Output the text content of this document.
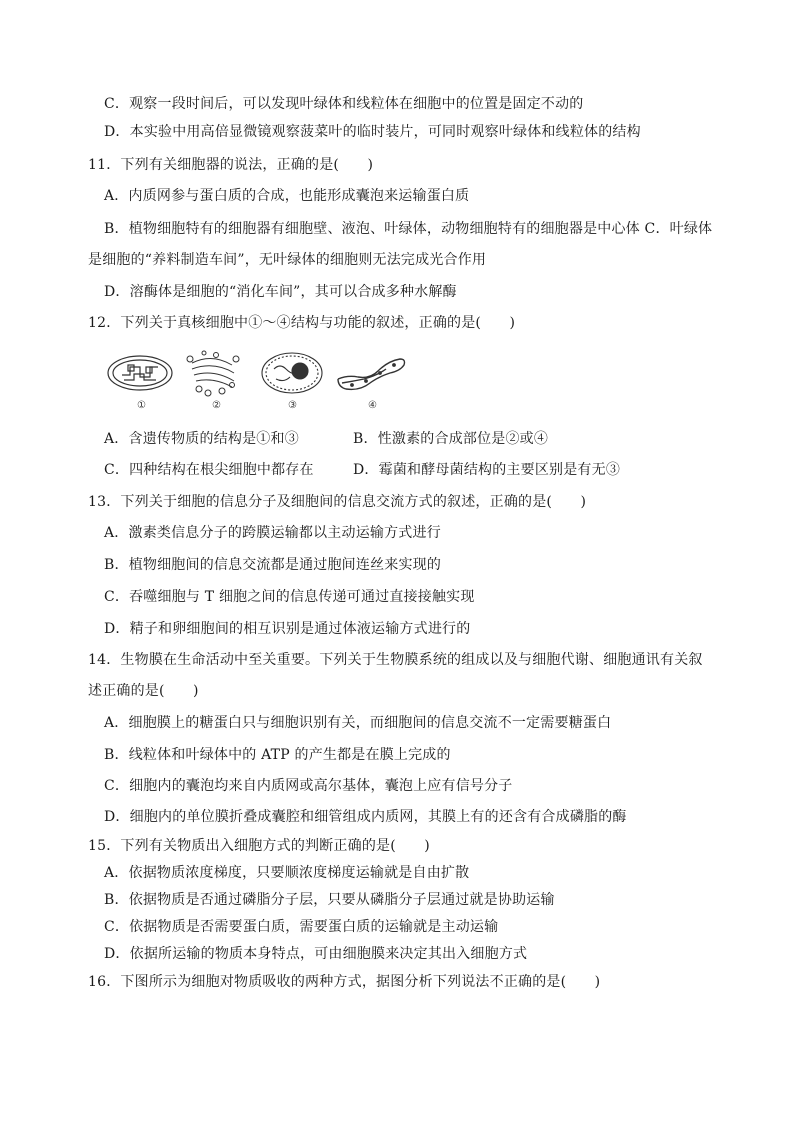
C．观察一段时间后，可以发现叶绿体和线粒体在细胞中的位置是固定不动的
D．本实验中用高倍显微镜观察菠菜叶的临时装片，可同时观察叶绿体和线粒体的结构
11．下列有关细胞器的说法，正确的是(　　)
A．内质网参与蛋白质的合成，也能形成囊泡来运输蛋白质
B．植物细胞特有的细胞器有细胞壁、液泡、叶绿体，动物细胞特有的细胞器是中心体 C．叶绿体
是细胞的“养料制造车间”，无叶绿体的细胞则无法完成光合作用
D．溶酶体是细胞的“消化车间”，其可以合成多种水解酶
12．下列关于真核细胞中①～④结构与功能的叙述，正确的是(　　)
①	②	③	④
A．含遗传物质的结构是①和③	B．性激素的合成部位是②或④
C．四种结构在根尖细胞中都存在	D．霉菌和酵母菌结构的主要区别是有无③
13．下列关于细胞的信息分子及细胞间的信息交流方式的叙述，正确的是(　　)
A．激素类信息分子的跨膜运输都以主动运输方式进行
B．植物细胞间的信息交流都是通过胞间连丝来实现的
C．吞噬细胞与 T 细胞之间的信息传递可通过直接接触实现
D．精子和卵细胞间的相互识别是通过体液运输方式进行的
14．生物膜在生命活动中至关重要。下列关于生物膜系统的组成以及与细胞代谢、细胞通讯有关叙
述正确的是(　　)
A．细胞膜上的糖蛋白只与细胞识别有关，而细胞间的信息交流不一定需要糖蛋白
B．线粒体和叶绿体中的 ATP 的产生都是在膜上完成的
C．细胞内的囊泡均来自内质网或高尔基体，囊泡上应有信号分子
D．细胞内的单位膜折叠成囊腔和细管组成内质网，其膜上有的还含有合成磷脂的酶
15．下列有关物质出入细胞方式的判断正确的是(　　)
A．依据物质浓度梯度，只要顺浓度梯度运输就是自由扩散
B．依据物质是否通过磷脂分子层，只要从磷脂分子层通过就是协助运输
C．依据物质是否需要蛋白质，需要蛋白质的运输就是主动运输
D．依据所运输的物质本身特点，可由细胞膜来决定其出入细胞方式
16．下图所示为细胞对物质吸收的两种方式，据图分析下列说法不正确的是(　　)
